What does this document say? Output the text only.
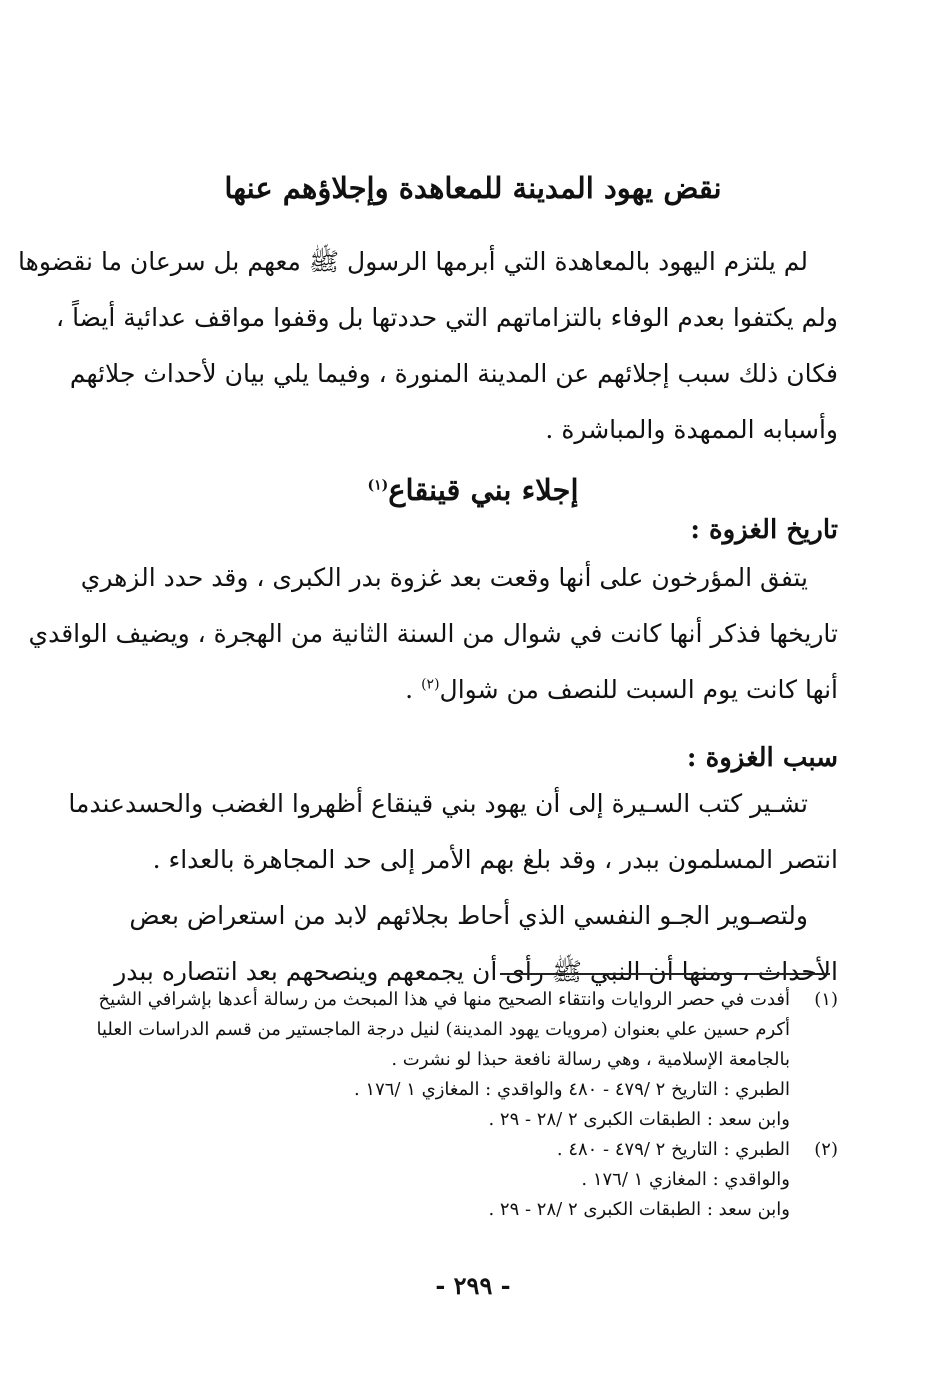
نقض يهود المدينة للمعاهدة وإجلاؤهم عنها
لم يلتزم اليهود بالمعاهدة التي أبرمها الرسول ﷺ معهم بل سرعان ما نقضوها
ولم يكتفوا بعدم الوفاء بالتزاماتهم التي حددتها بل وقفوا مواقف عدائية أيضاً ،
فكان ذلك سبب إجلائهم عن المدينة المنورة ، وفيما يلي بيان لأحداث جلائهم
وأسبابه الممهدة والمباشرة .
إجلاء بني قينقاع$^{(١)}$
تاريخ الغزوة :
يتفق المؤرخون على أنها وقعت بعد غزوة بدر الكبرى ، وقد حدد الزهري
تاريخها فذكر أنها كانت في شوال من السنة الثانية من الهجرة ، ويضيف الواقدي
أنها كانت يوم السبت للنصف من شوال$^{(٢)}$ .
سبب الغزوة :
تشـير كتب السـيرة إلى أن يهود بني قينقاع أظهروا الغضب والحسدعندما
انتصر المسلمون ببدر ، وقد بلغ بهم الأمر إلى حد المجاهرة بالعداء .
ولتصـوير الجـو النفسي الذي أحاط بجلائهم لابد من استعراض بعض
الأحداث ، ومنها أن النبي ﷺ رأى أن يجمعهم وينصحهم بعد انتصاره ببدر
(١)أفدت في حصر الروايات وانتقاء الصحيح منها في هذا المبحث من رسالة أعدها بإشرافي الشيخ
أكرم حسين علي بعنوان (مرويات يهود المدينة) لنيل درجة الماجستير من قسم الدراسات العليا
بالجامعة الإسلامية ، وهي رسالة نافعة حبذا لو نشرت .
الطبري : التاريخ ٢ /٤٧٩ - ٤٨٠ والواقدي : المغازي ١ /١٧٦ .
وابن سعد : الطبقات الكبرى ٢ /٢٨ - ٢٩ .
(٢)الطبري : التاريخ ٢ /٤٧٩ - ٤٨٠ .
والواقدي : المغازي ١ /١٧٦ .
وابن سعد : الطبقات الكبرى ٢ /٢٨ - ٢٩ .
- ٢٩٩ -
